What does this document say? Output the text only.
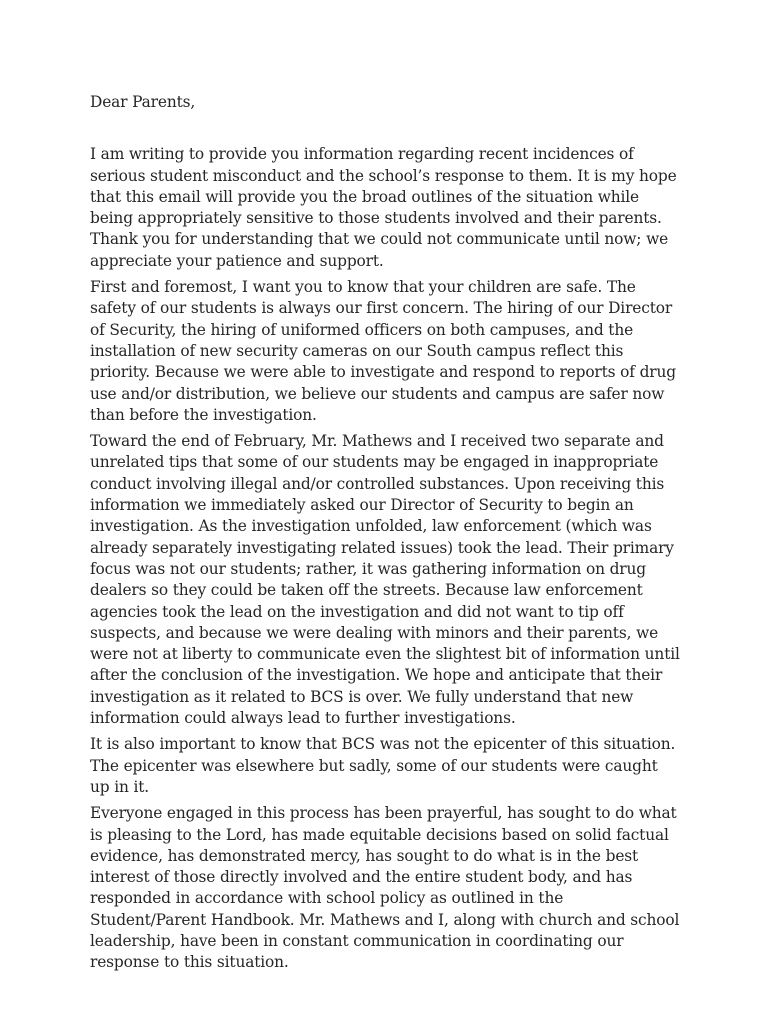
Dear Parents,

I am writing to provide you information regarding recent incidences of serious student misconduct and the school’s response to them. It is my hope that this email will provide you the broad outlines of the situation while being appropriately sensitive to those students involved and their parents. Thank you for understanding that we could not communicate until now; we appreciate your patience and support.

First and foremost, I want you to know that your children are safe. The safety of our students is always our first concern. The hiring of our Director of Security, the hiring of uniformed officers on both campuses, and the installation of new security cameras on our South campus reflect this priority. Because we were able to investigate and respond to reports of drug use and/or distribution, we believe our students and campus are safer now than before the investigation.

Toward the end of February, Mr. Mathews and I received two separate and unrelated tips that some of our students may be engaged in inappropriate conduct involving illegal and/or controlled substances. Upon receiving this information we immediately asked our Director of Security to begin an investigation. As the investigation unfolded, law enforcement (which was already separately investigating related issues) took the lead. Their primary focus was not our students; rather, it was gathering information on drug dealers so they could be taken off the streets. Because law enforcement agencies took the lead on the investigation and did not want to tip off suspects, and because we were dealing with minors and their parents, we were not at liberty to communicate even the slightest bit of information until after the conclusion of the investigation. We hope and anticipate that their investigation as it related to BCS is over. We fully understand that new information could always lead to further investigations.

It is also important to know that BCS was not the epicenter of this situation. The epicenter was elsewhere but sadly, some of our students were caught up in it.

Everyone engaged in this process has been prayerful, has sought to do what is pleasing to the Lord, has made equitable decisions based on solid factual evidence, has demonstrated mercy, has sought to do what is in the best interest of those directly involved and the entire student body, and has responded in accordance with school policy as outlined in the Student/Parent Handbook. Mr. Mathews and I, along with church and school leadership, have been in constant communication in coordinating our response to this situation.
